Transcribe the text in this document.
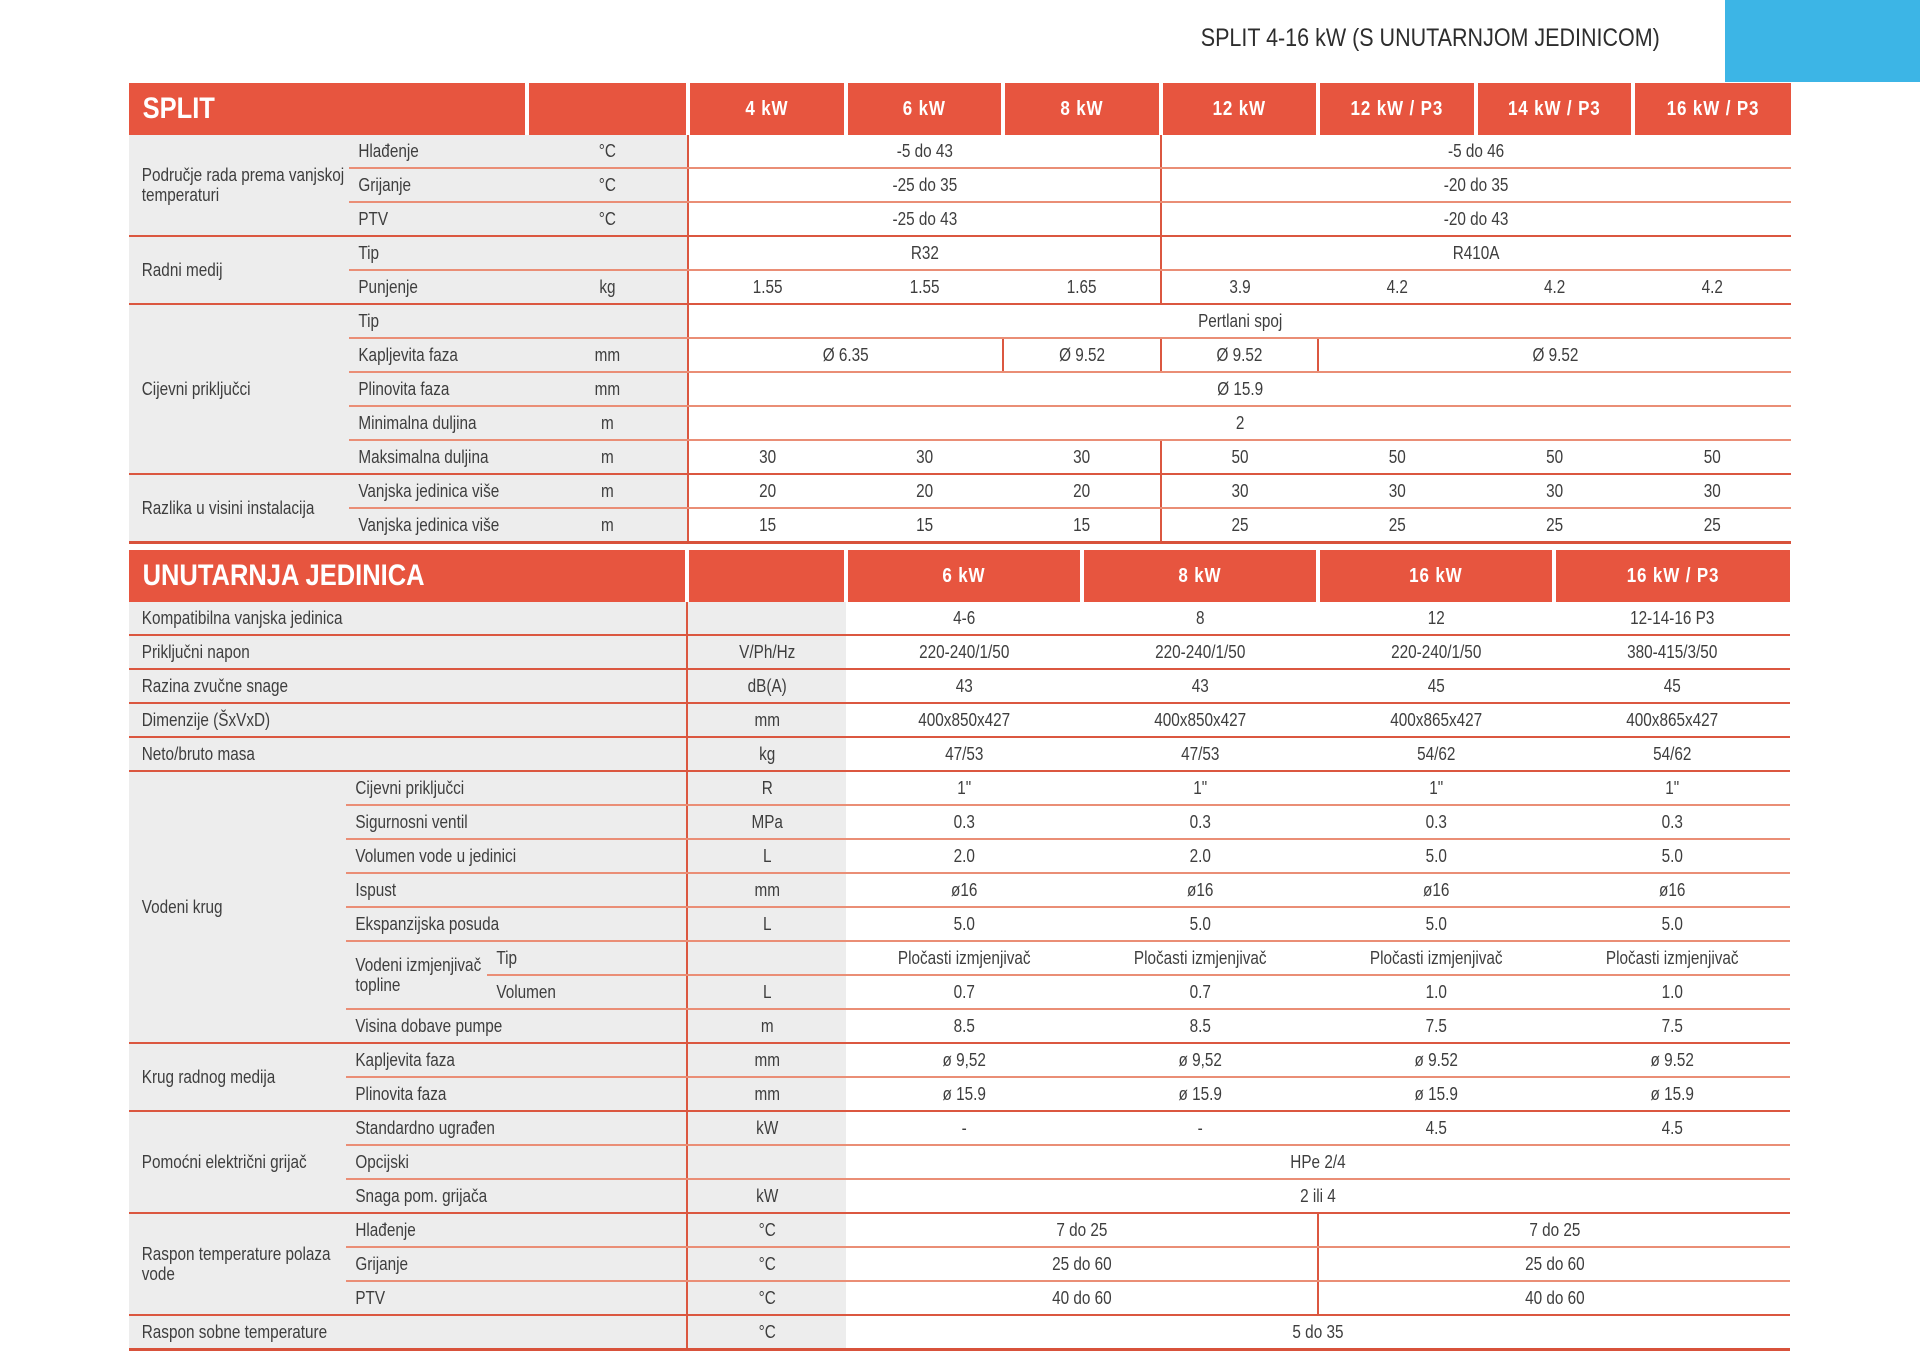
SPLIT 4-16 kW (S UNUTARNJOM JEDINICOM)
SPLIT			4 kW	6 kW	8 kW	12 kW	12 kW / P3	14 kW / P3	16 kW / P3

Područje rada prema vanjskoj temperaturi	Hlađenje	°C	-5 do 43			-5 do 46			

	Grijanje	°C	-25 do 35			-20 do 35			

	PTV	°C	-25 do 43			-20 do 43			

Radni medij	Tip		R32			R410A			

	Punjenje	kg	1.55	1.55	1.65	3.9	4.2	4.2	4.2

Cijevni priključci	Tip		Pertlani spoj						

	Kapljevita faza	mm	Ø 6.35		Ø 9.52	Ø 9.52	Ø 9.52		

	Plinovita faza	mm	Ø 15.9						

	Minimalna duljina	m	2						

	Maksimalna duljina	m	30	30	30	50	50	50	50

Razlika u visini instalacija	Vanjska jedinica više	m	20	20	20	30	30	30	30

	Vanjska jedinica više	m	15	15	15	25	25	25	25
UNUTARNJA JEDINICA				6 kW	8 kW	16 kW	16 kW / P3

Kompatibilna vanjska jedinica				4-6	8	12	12-14-16 P3

Priključni napon			V/Ph/Hz	220-240/1/50	220-240/1/50	220-240/1/50	380-415/3/50

Razina zvučne snage			dB(A)	43	43	45	45

Dimenzije (ŠxVxD)			mm	400x850x427	400x850x427	400x865x427	400x865x427

Neto/bruto masa			kg	47/53	47/53	54/62	54/62

Vodeni krug	Cijevni priključci		R	1"	1"	1"	1"

	Sigurnosni ventil		MPa	0.3	0.3	0.3	0.3

	Volumen vode u jedinici		L	2.0	2.0	5.0	5.0

	Ispust		mm	ø16	ø16	ø16	ø16

	Ekspanzijska posuda		L	5.0	5.0	5.0	5.0

	Vodeni izmjenjivač topline	Tip		Pločasti izmjenjivač	Pločasti izmjenjivač	Pločasti izmjenjivač	Pločasti izmjenjivač

		Volumen	L	0.7	0.7	1.0	1.0

	Visina dobave pumpe		m	8.5	8.5	7.5	7.5

Krug radnog medija	Kapljevita faza		mm	ø 9,52	ø 9,52	ø 9.52	ø 9.52

	Plinovita faza		mm	ø 15.9	ø 15.9	ø 15.9	ø 15.9

Pomoćni električni grijač	Standardno ugrađen		kW	-	-	4.5	4.5

	Opcijski			HPe 2/4			

	Snaga pom. grijača		kW	2 ili 4			

Raspon temperature polaza vode	Hlađenje		°C	7 do 25		7 do 25	

	Grijanje		°C	25 do 60		25 do 60	

	PTV		°C	40 do 60		40 do 60	

Raspon sobne temperature			°C	5 do 35			
